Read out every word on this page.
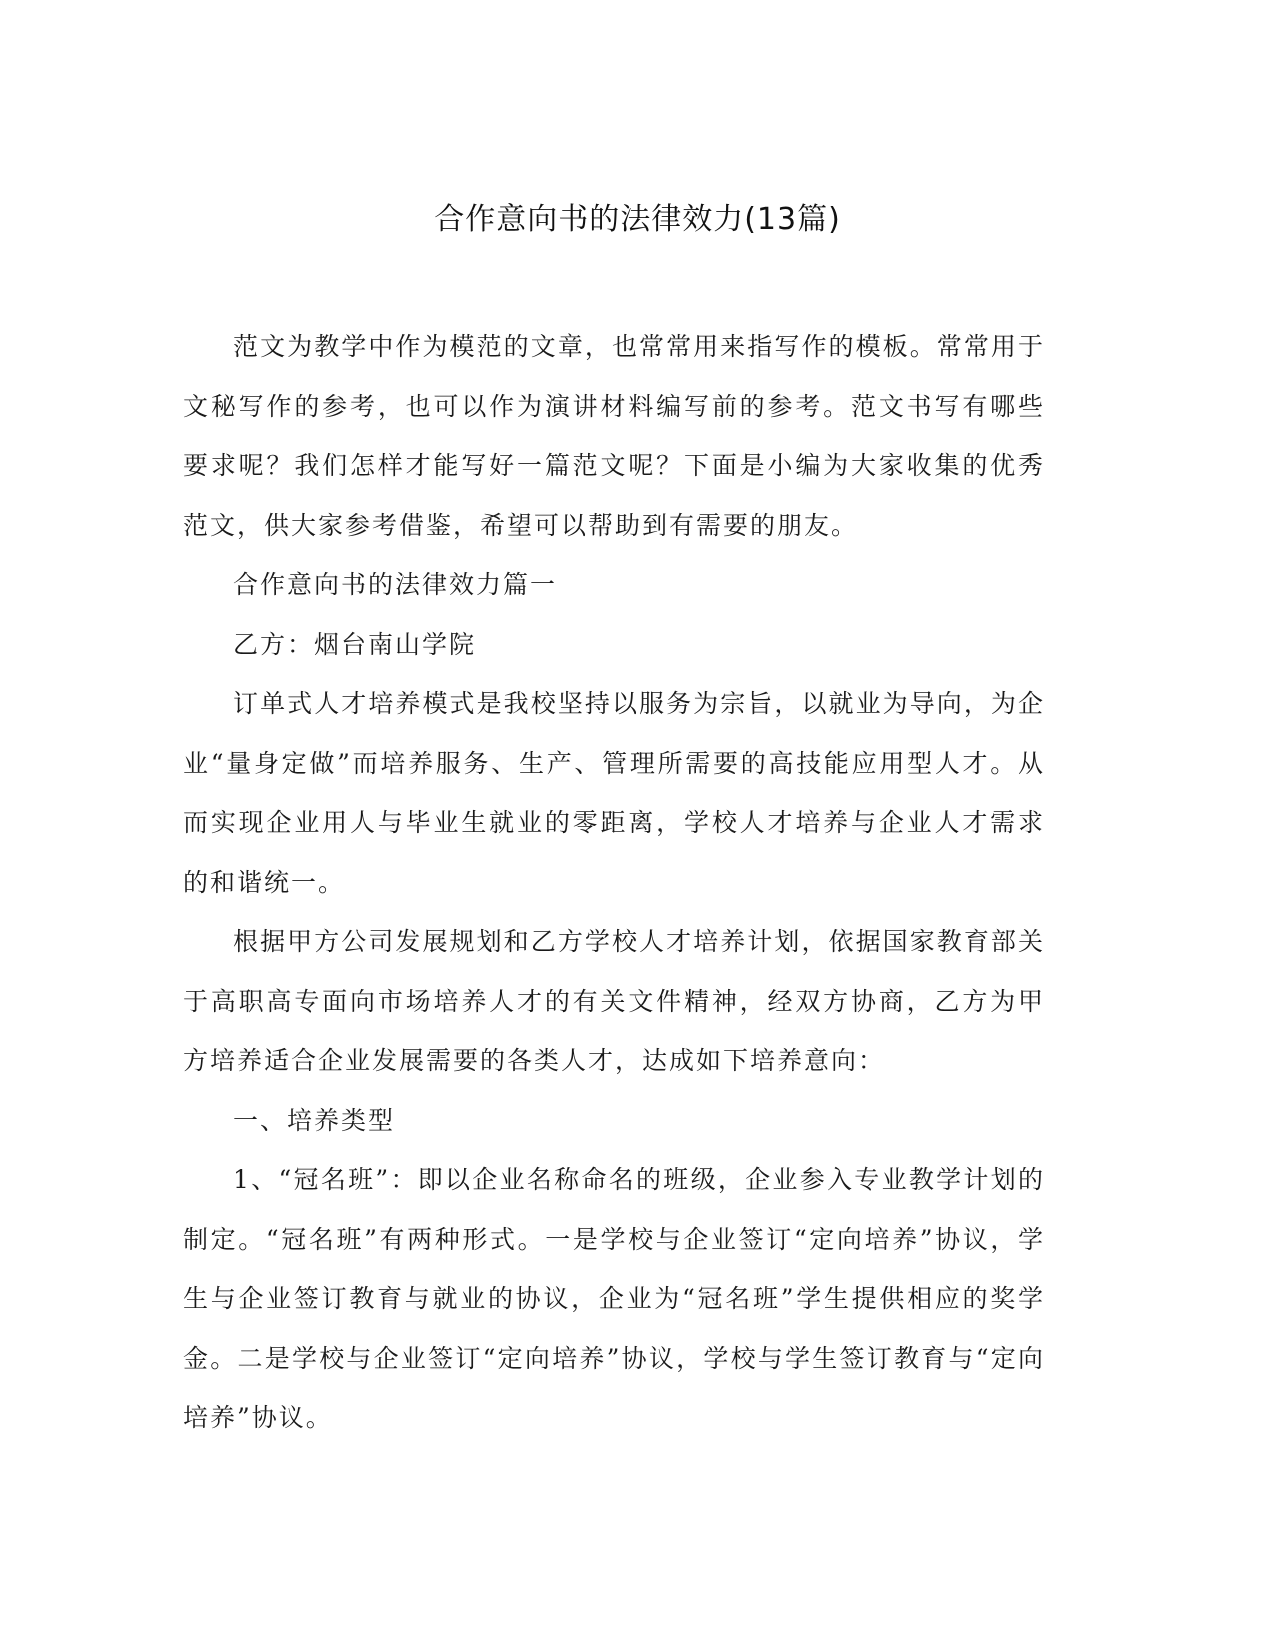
合作意向书的法律效力(13篇)

范文为教学中作为模范的文章，也常常用来指写作的模板。常常用于文秘写作的参考，也可以作为演讲材料编写前的参考。范文书写有哪些要求呢？我们怎样才能写好一篇范文呢？下面是小编为大家收集的优秀范文，供大家参考借鉴，希望可以帮助到有需要的朋友。

合作意向书的法律效力篇一

乙方：烟台南山学院

订单式人才培养模式是我校坚持以服务为宗旨，以就业为导向，为企业“量身定做”而培养服务、生产、管理所需要的高技能应用型人才。从而实现企业用人与毕业生就业的零距离，学校人才培养与企业人才需求的和谐统一。

根据甲方公司发展规划和乙方学校人才培养计划，依据国家教育部关于高职高专面向市场培养人才的有关文件精神，经双方协商，乙方为甲方培养适合企业发展需要的各类人才，达成如下培养意向：

一、培养类型

1、“冠名班”：即以企业名称命名的班级，企业参入专业教学计划的制定。“冠名班”有两种形式。一是学校与企业签订“定向培养”协议，学生与企业签订教育与就业的协议，企业为“冠名班”学生提供相应的奖学金。二是学校与企业签订“定向培养”协议，学校与学生签订教育与“定向培养”协议。
